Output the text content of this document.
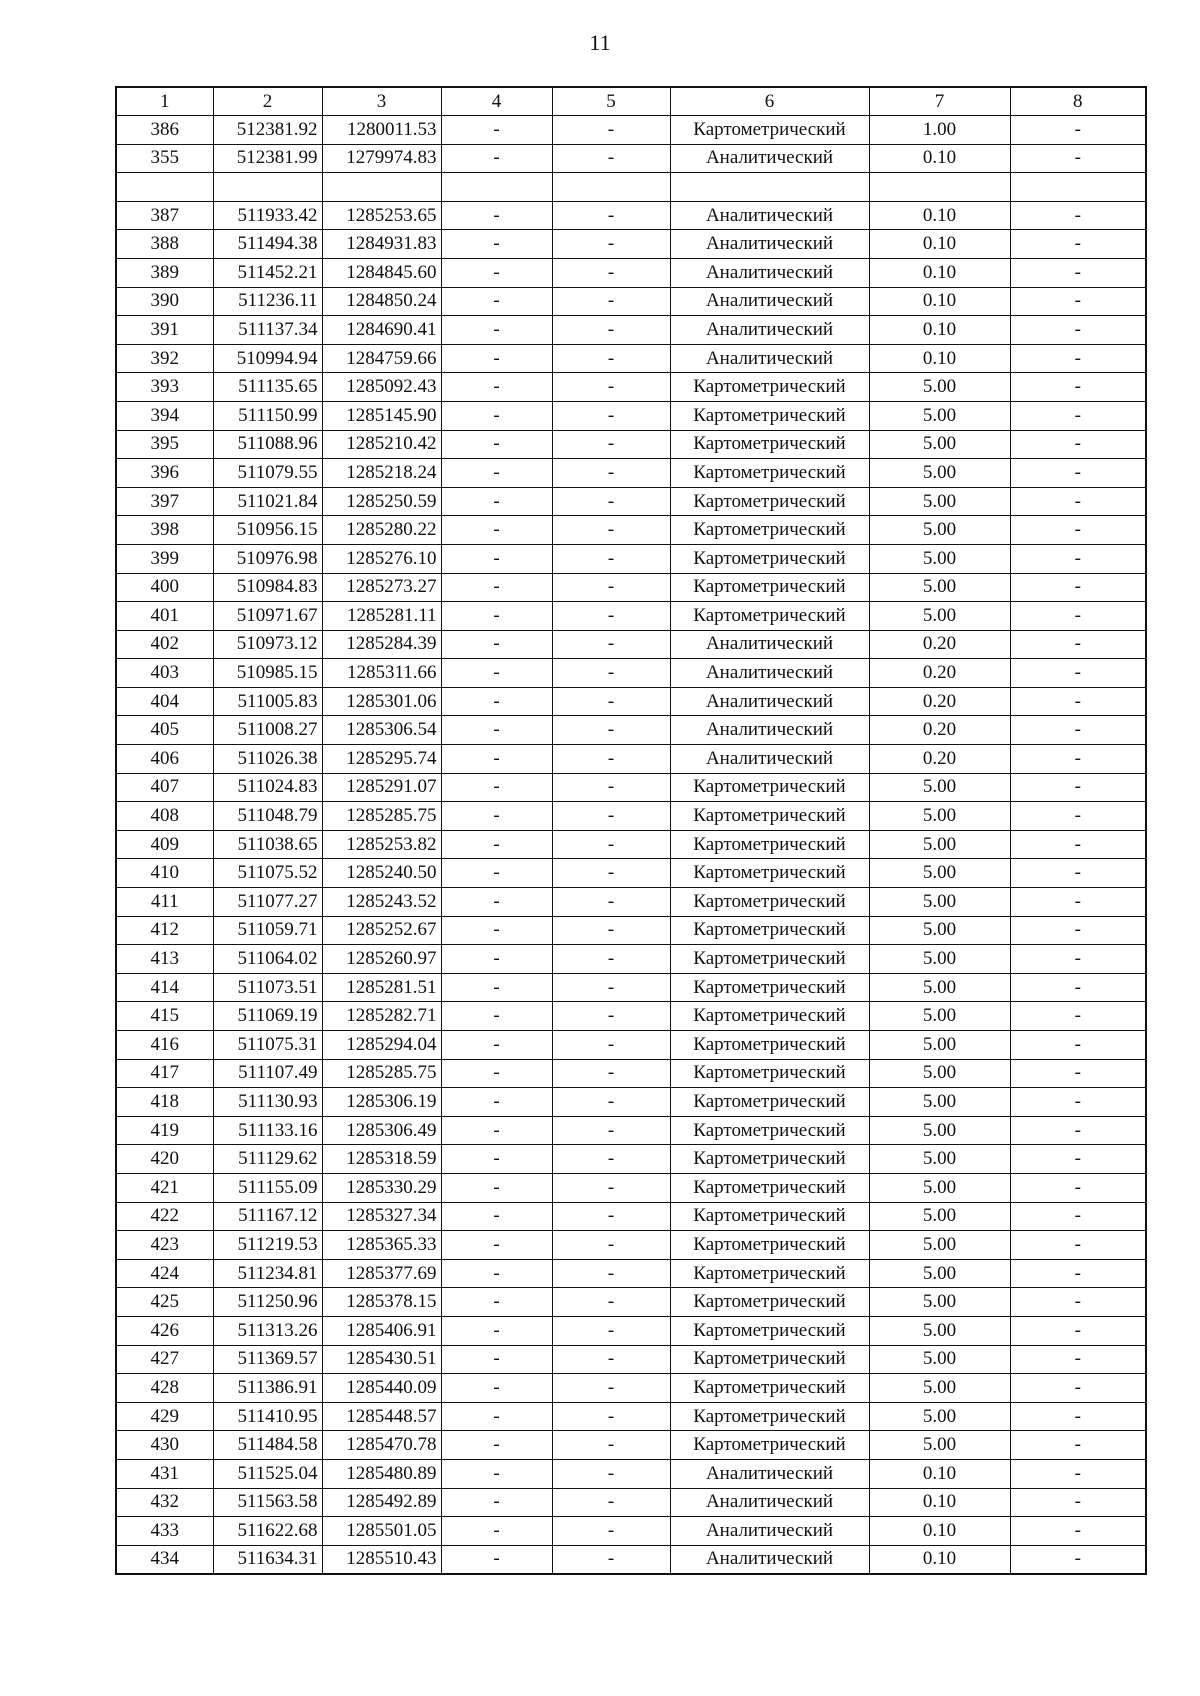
11
1	2	3	4	5	6	7	8
386	512381.92	1280011.53	-	-	Картометрический	1.00	-
355	512381.99	1279974.83	-	-	Аналитический	0.10	-

387	511933.42	1285253.65	-	-	Аналитический	0.10	-
388	511494.38	1284931.83	-	-	Аналитический	0.10	-
389	511452.21	1284845.60	-	-	Аналитический	0.10	-
390	511236.11	1284850.24	-	-	Аналитический	0.10	-
391	511137.34	1284690.41	-	-	Аналитический	0.10	-
392	510994.94	1284759.66	-	-	Аналитический	0.10	-
393	511135.65	1285092.43	-	-	Картометрический	5.00	-
394	511150.99	1285145.90	-	-	Картометрический	5.00	-
395	511088.96	1285210.42	-	-	Картометрический	5.00	-
396	511079.55	1285218.24	-	-	Картометрический	5.00	-
397	511021.84	1285250.59	-	-	Картометрический	5.00	-
398	510956.15	1285280.22	-	-	Картометрический	5.00	-
399	510976.98	1285276.10	-	-	Картометрический	5.00	-
400	510984.83	1285273.27	-	-	Картометрический	5.00	-
401	510971.67	1285281.11	-	-	Картометрический	5.00	-
402	510973.12	1285284.39	-	-	Аналитический	0.20	-
403	510985.15	1285311.66	-	-	Аналитический	0.20	-
404	511005.83	1285301.06	-	-	Аналитический	0.20	-
405	511008.27	1285306.54	-	-	Аналитический	0.20	-
406	511026.38	1285295.74	-	-	Аналитический	0.20	-
407	511024.83	1285291.07	-	-	Картометрический	5.00	-
408	511048.79	1285285.75	-	-	Картометрический	5.00	-
409	511038.65	1285253.82	-	-	Картометрический	5.00	-
410	511075.52	1285240.50	-	-	Картометрический	5.00	-
411	511077.27	1285243.52	-	-	Картометрический	5.00	-
412	511059.71	1285252.67	-	-	Картометрический	5.00	-
413	511064.02	1285260.97	-	-	Картометрический	5.00	-
414	511073.51	1285281.51	-	-	Картометрический	5.00	-
415	511069.19	1285282.71	-	-	Картометрический	5.00	-
416	511075.31	1285294.04	-	-	Картометрический	5.00	-
417	511107.49	1285285.75	-	-	Картометрический	5.00	-
418	511130.93	1285306.19	-	-	Картометрический	5.00	-
419	511133.16	1285306.49	-	-	Картометрический	5.00	-
420	511129.62	1285318.59	-	-	Картометрический	5.00	-
421	511155.09	1285330.29	-	-	Картометрический	5.00	-
422	511167.12	1285327.34	-	-	Картометрический	5.00	-
423	511219.53	1285365.33	-	-	Картометрический	5.00	-
424	511234.81	1285377.69	-	-	Картометрический	5.00	-
425	511250.96	1285378.15	-	-	Картометрический	5.00	-
426	511313.26	1285406.91	-	-	Картометрический	5.00	-
427	511369.57	1285430.51	-	-	Картометрический	5.00	-
428	511386.91	1285440.09	-	-	Картометрический	5.00	-
429	511410.95	1285448.57	-	-	Картометрический	5.00	-
430	511484.58	1285470.78	-	-	Картометрический	5.00	-
431	511525.04	1285480.89	-	-	Аналитический	0.10	-
432	511563.58	1285492.89	-	-	Аналитический	0.10	-
433	511622.68	1285501.05	-	-	Аналитический	0.10	-
434	511634.31	1285510.43	-	-	Аналитический	0.10	-
